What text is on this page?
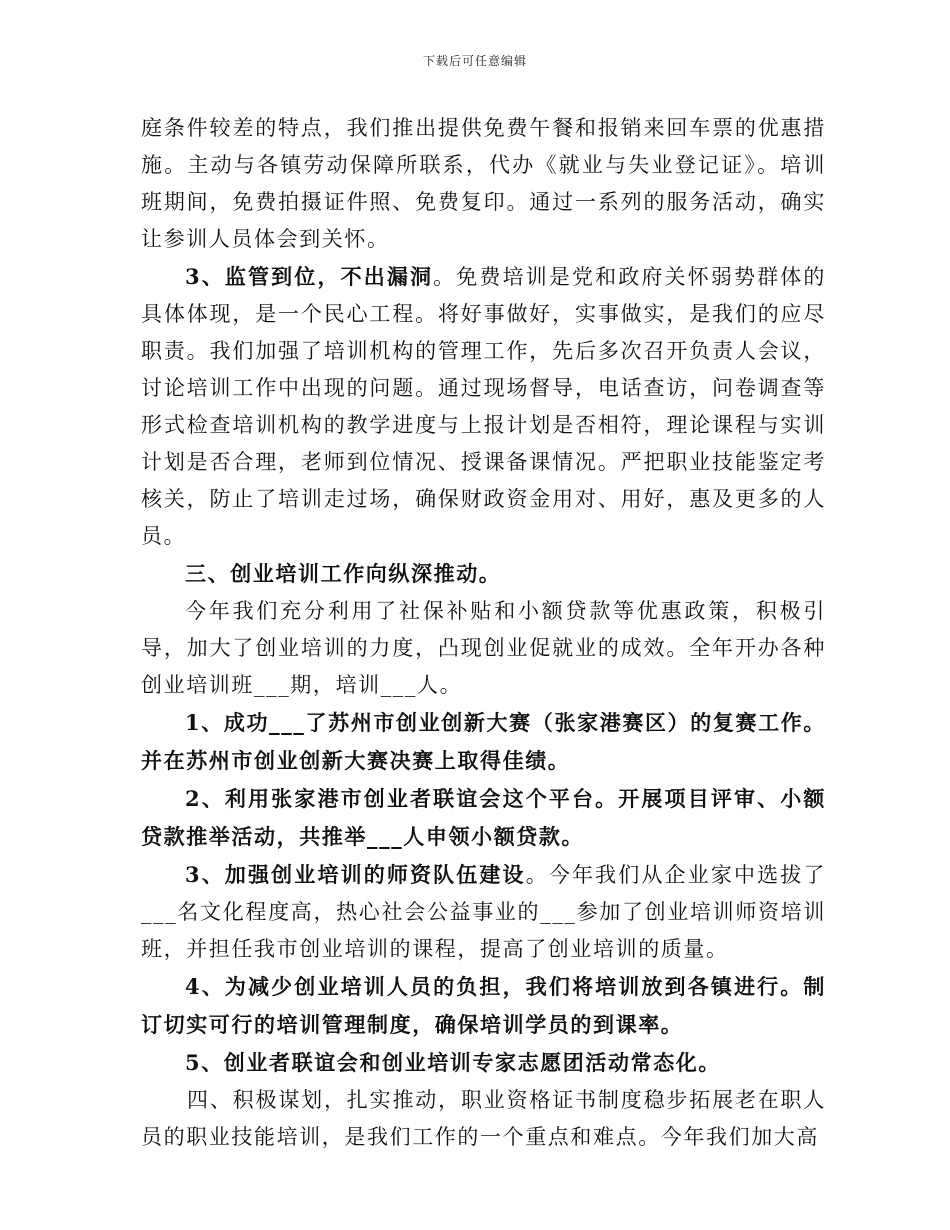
下载后可任意编辑

庭条件较差的特点，我们推出提供免费午餐和报销来回车票的优惠措施。主动与各镇劳动保障所联系，代办《就业与失业登记证》。培训班期间，免费拍摄证件照、免费复印。通过一系列的服务活动，确实让参训人员体会到关怀。

3、监管到位，不出漏洞。免费培训是党和政府关怀弱势群体的具体体现，是一个民心工程。将好事做好，实事做实，是我们的应尽职责。我们加强了培训机构的管理工作，先后多次召开负责人会议，讨论培训工作中出现的问题。通过现场督导，电话查访，问卷调查等形式检查培训机构的教学进度与上报计划是否相符，理论课程与实训计划是否合理，老师到位情况、授课备课情况。严把职业技能鉴定考核关，防止了培训走过场，确保财政资金用对、用好，惠及更多的人员。

三、创业培训工作向纵深推动。

今年我们充分利用了社保补贴和小额贷款等优惠政策，积极引导，加大了创业培训的力度，凸现创业促就业的成效。全年开办各种创业培训班___期，培训___人。

1、成功___了苏州市创业创新大赛（张家港赛区）的复赛工作。并在苏州市创业创新大赛决赛上取得佳绩。

2、利用张家港市创业者联谊会这个平台。开展项目评审、小额贷款推举活动，共推举___人申领小额贷款。

3、加强创业培训的师资队伍建设。今年我们从企业家中选拔了___名文化程度高，热心社会公益事业的___参加了创业培训师资培训班，并担任我市创业培训的课程，提高了创业培训的质量。

4、为减少创业培训人员的负担，我们将培训放到各镇进行。制订切实可行的培训管理制度，确保培训学员的到课率。

5、创业者联谊会和创业培训专家志愿团活动常态化。

四、积极谋划，扎实推动，职业资格证书制度稳步拓展老在职人员的职业技能培训，是我们工作的一个重点和难点。今年我们加大高
